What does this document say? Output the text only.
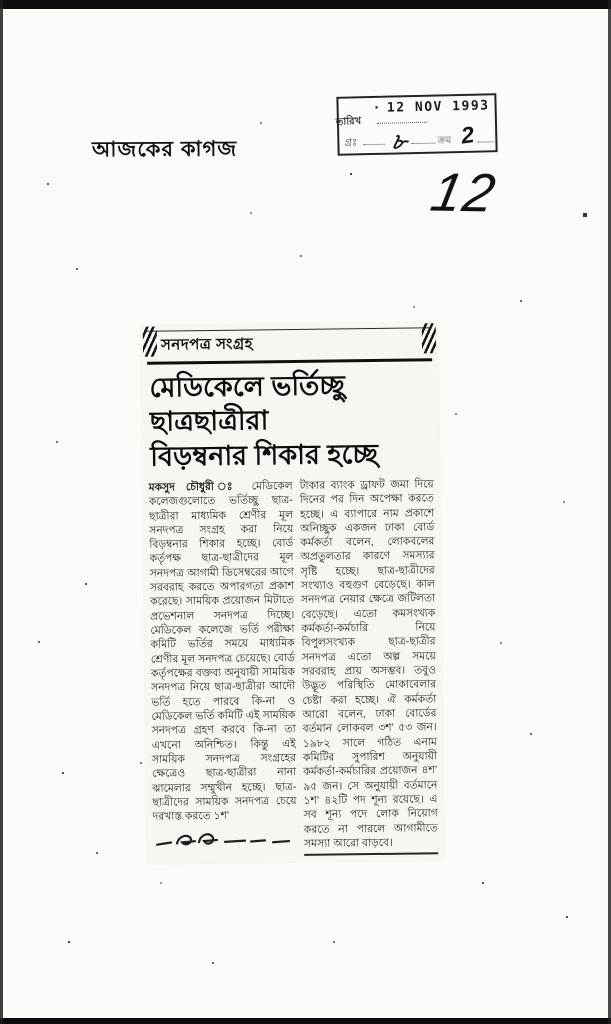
আজকের কাগজ
তারিখ
· 12 NOV 1993
গ্রঃ ৮	ক্রম 2
12
সনদপত্র সংগ্রহ
মেডিকেলে ভর্তিচ্ছু ছাত্রছাত্রীরা
বিড়ম্বনার শিকার হচ্ছে

মকসুদ চৌধুরী ঃ মেডিকেল কলেজগুলোতে ভর্তিচ্ছু ছাত্র-ছাত্রীরা মাধ্যমিক শ্রেণীর মূল সনদপত্র সংগ্রহ করা নিয়ে বিড়ম্বনার শিকার হচ্ছে। বোর্ড কর্তৃপক্ষ ছাত্র-ছাত্রীদের মূল সনদপত্র আগামী ডিসেম্বরের আগে সরবরাহ করতে অপারগতা প্রকাশ করেছে। সাময়িক প্রয়োজন মিটাতে প্রভেশনাল সনদপত্র দিচ্ছে। মেডিকেল কলেজে ভর্তি পরীক্ষা কমিটি ভর্তির সময়ে মাধ্যমিক শ্রেণীর মূল সনদপত্র চেয়েছে। বোর্ড কর্তৃপক্ষের বক্তব্য অনুযায়ী সাময়িক সনদপত্র নিয়ে ছাত্র-ছাত্রীরা আদৌ ভর্তি হতে পারবে কি-না ও মেডিকেল ভর্তি কমিটি এই সাময়িক সনদপত্র গ্রহণ করবে কি-না তা এখনো অনিশ্চিত। কিন্তু এই সাময়িক সনদপত্র সংগ্রহের ক্ষেত্রেও ছাত্র-ছাত্রীরা নানা ঝামেলার সম্মুখীন হচ্ছে। ছাত্র-ছাত্রীদের সাময়িক সনদপত্র চেয়ে দরখাস্ত করতে ১শ’

টাকার ব্যাংক ড্রাফট জমা দিয়ে দিনের পর দিন অপেক্ষা করতে হচ্ছে। এ ব্যাপারে নাম প্রকাশে অনিচ্ছুক একজন ঢাকা বোর্ড কর্মকর্তা বলেন, লোকবলের অপ্রতুলতার কারণে সমস্যার সৃষ্টি হচ্ছে। ছাত্র-ছাত্রীদের সংখ্যাও বহুগুণ বেড়েছে। কাল সনদপত্র নেয়ার ক্ষেত্রে জটিলতা বেড়েছে। এতো কমসংখ্যক কর্মকর্তা-কর্মচারি নিয়ে বিপুলসংখ্যক ছাত্র-ছাত্রীর সনদপত্র এতো অল্প সময়ে সরবরাহ প্রায় অসম্ভব। তবুও উদ্ভূত পরিস্থিতি মোকাবেলার চেষ্টা করা হচ্ছে। ঐ কর্মকর্তা আরো বলেন, ঢাকা বোর্ডের বর্তমান লোকবল ৩শ’ ৫৩ জন। ১৯৮২ সালে গঠিত এনাম কমিটির সুপারিশ অনুযায়ী কর্মকর্তা-কর্মচারির প্রয়োজন ৪শ’ ৯৫ জন। সে অনুযায়ী বর্তমানে ১শ’ ৪২টি পদ শূন্য রয়েছে। এ সব শূন্য পদে লোক নিয়োগ করতে না পারলে আগামীতে সমস্যা আরো বাড়বে।
